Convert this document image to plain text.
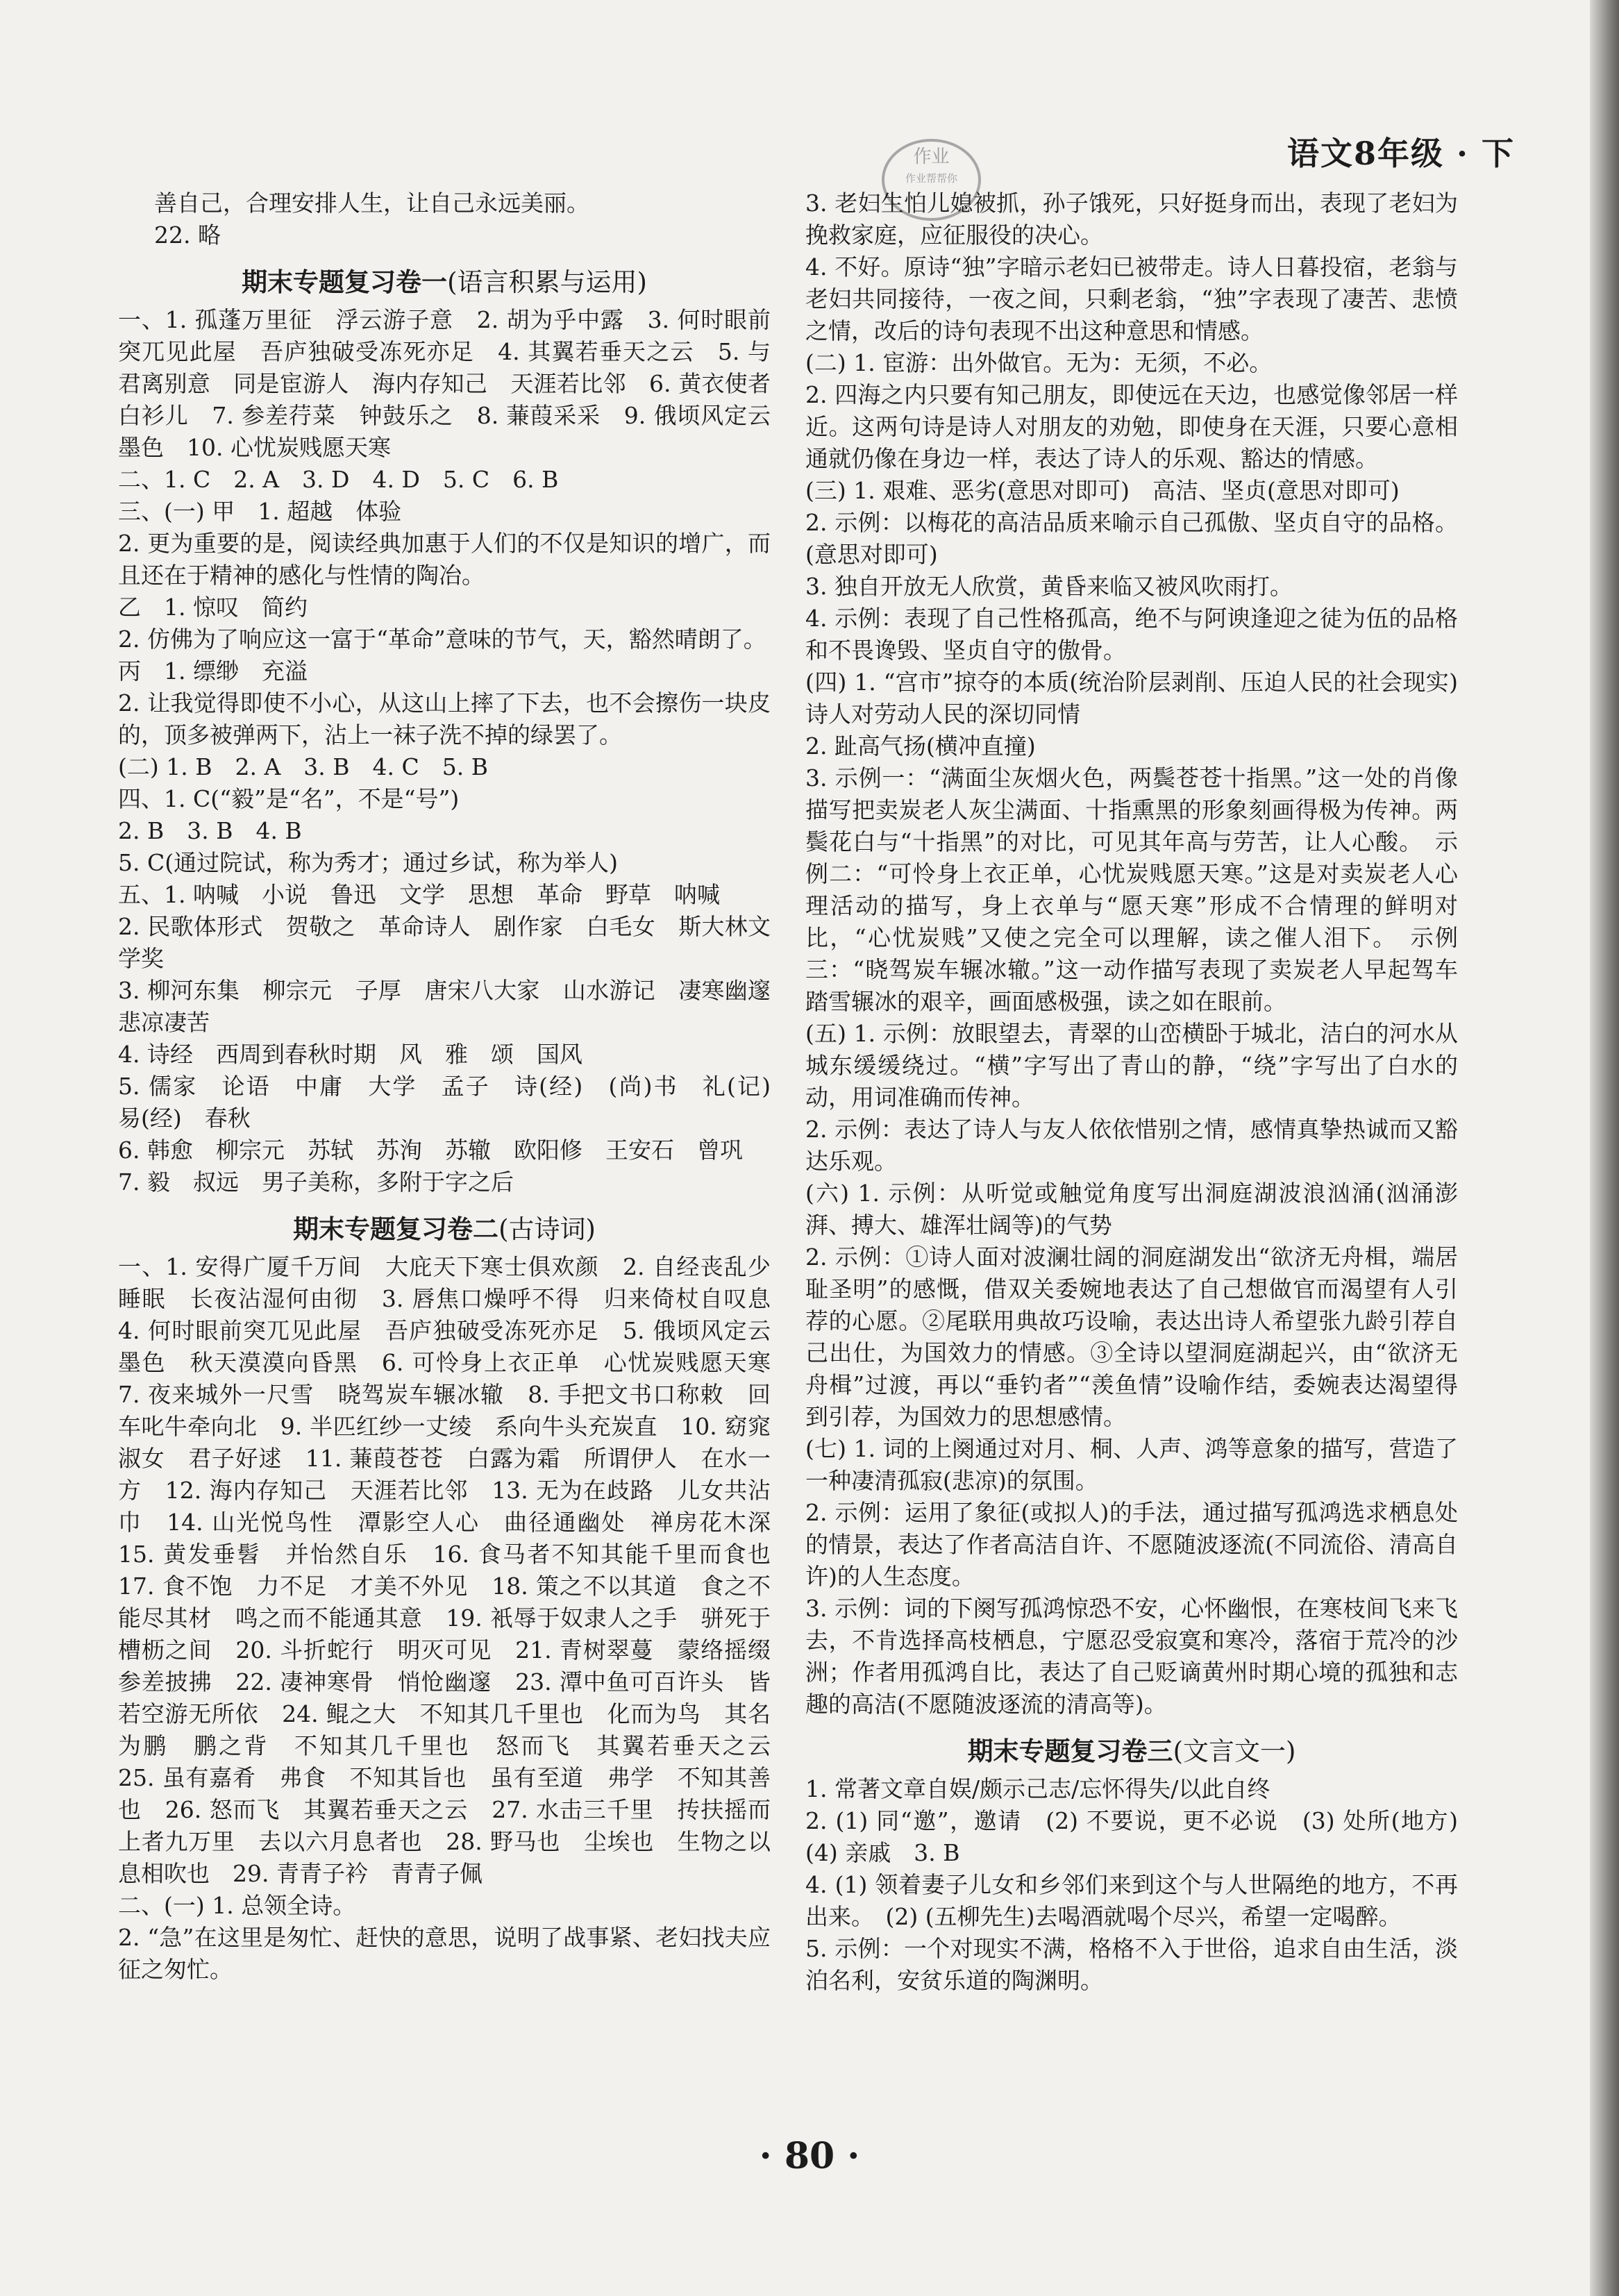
作业
作业帮帮你
语文8年级 · 下

善自己，合理安排人生，让自己永远美丽。

22. 略

期末专题复习卷一(语言积累与运用)

一、1. 孤蓬万里征　浮云游子意　2. 胡为乎中露　3. 何时眼前突兀见此屋　吾庐独破受冻死亦足　4. 其翼若垂天之云　5. 与君离别意　同是宦游人　海内存知己　天涯若比邻　6. 黄衣使者白衫儿　7. 参差荇菜　钟鼓乐之　8. 蒹葭采采　9. 俄顷风定云墨色　10. 心忧炭贱愿天寒

二、1. C　2. A　3. D　4. D　5. C　6. B

三、(一) 甲　1. 超越　体验

2. 更为重要的是，阅读经典加惠于人们的不仅是知识的增广，而且还在于精神的感化与性情的陶冶。

乙　1. 惊叹　简约

2. 仿佛为了响应这一富于“革命”意味的节气，天，豁然晴朗了。

丙　1. 缥缈　充溢

2. 让我觉得即使不小心，从这山上摔了下去，也不会擦伤一块皮的，顶多被弹两下，沾上一袜子洗不掉的绿罢了。

(二) 1. B　2. A　3. B　4. C　5. B

四、1. C(“毅”是“名”，不是“号”)

2. B　3. B　4. B

5. C(通过院试，称为秀才；通过乡试，称为举人)

五、1. 呐喊　小说　鲁迅　文学　思想　革命　野草　呐喊

2. 民歌体形式　贺敬之　革命诗人　剧作家　白毛女　斯大林文学奖

3. 柳河东集　柳宗元　子厚　唐宋八大家　山水游记　凄寒幽邃　悲凉凄苦

4. 诗经　西周到春秋时期　风　雅　颂　国风

5. 儒家　论语　中庸　大学　孟子　诗(经)　(尚)书　礼(记)　易(经)　春秋

6. 韩愈　柳宗元　苏轼　苏洵　苏辙　欧阳修　王安石　曾巩

7. 毅　叔远　男子美称，多附于字之后

期末专题复习卷二(古诗词)

一、1. 安得广厦千万间　大庇天下寒士俱欢颜　2. 自经丧乱少睡眠　长夜沾湿何由彻　3. 唇焦口燥呼不得　归来倚杖自叹息　4. 何时眼前突兀见此屋　吾庐独破受冻死亦足　5. 俄顷风定云墨色　秋天漠漠向昏黑　6. 可怜身上衣正单　心忧炭贱愿天寒　7. 夜来城外一尺雪　晓驾炭车辗冰辙　8. 手把文书口称敕　回车叱牛牵向北　9. 半匹红纱一丈绫　系向牛头充炭直　10. 窈窕淑女　君子好逑　11. 蒹葭苍苍　白露为霜　所谓伊人　在水一方　12. 海内存知己　天涯若比邻　13. 无为在歧路　儿女共沾巾　14. 山光悦鸟性　潭影空人心　曲径通幽处　禅房花木深　15. 黄发垂髫　并怡然自乐　16. 食马者不知其能千里而食也　17. 食不饱　力不足　才美不外见　18. 策之不以其道　食之不能尽其材　鸣之而不能通其意　19. 衹辱于奴隶人之手　骈死于槽枥之间　20. 斗折蛇行　明灭可见　21. 青树翠蔓　蒙络摇缀　参差披拂　22. 凄神寒骨　悄怆幽邃　23. 潭中鱼可百许头　皆若空游无所依　24. 鲲之大　不知其几千里也　化而为鸟　其名为鹏　鹏之背　不知其几千里也　怒而飞　其翼若垂天之云　25. 虽有嘉肴　弗食　不知其旨也　虽有至道　弗学　不知其善也　26. 怒而飞　其翼若垂天之云　27. 水击三千里　抟扶摇而上者九万里　去以六月息者也　28. 野马也　尘埃也　生物之以息相吹也　29. 青青子衿　青青子佩

二、(一) 1. 总领全诗。

2. “急”在这里是匆忙、赶快的意思，说明了战事紧、老妇找夫应征之匆忙。

3. 老妇生怕儿媳被抓，孙子饿死，只好挺身而出，表现了老妇为挽救家庭，应征服役的决心。

4. 不好。原诗“独”字暗示老妇已被带走。诗人日暮投宿，老翁与老妇共同接待，一夜之间，只剩老翁，“独”字表现了凄苦、悲愤之情，改后的诗句表现不出这种意思和情感。

(二) 1. 宦游：出外做官。无为：无须，不必。

2. 四海之内只要有知己朋友，即使远在天边，也感觉像邻居一样近。这两句诗是诗人对朋友的劝勉，即使身在天涯，只要心意相通就仍像在身边一样，表达了诗人的乐观、豁达的情感。

(三) 1. 艰难、恶劣(意思对即可)　高洁、坚贞(意思对即可)

2. 示例：以梅花的高洁品质来喻示自己孤傲、坚贞自守的品格。(意思对即可)

3. 独自开放无人欣赏，黄昏来临又被风吹雨打。

4. 示例：表现了自己性格孤高，绝不与阿谀逢迎之徒为伍的品格和不畏谗毁、坚贞自守的傲骨。

(四) 1. “宫市”掠夺的本质(统治阶层剥削、压迫人民的社会现实)　诗人对劳动人民的深切同情

2. 趾高气扬(横冲直撞)

3. 示例一：“满面尘灰烟火色，两鬓苍苍十指黑。”这一处的肖像描写把卖炭老人灰尘满面、十指熏黑的形象刻画得极为传神。两鬓花白与“十指黑”的对比，可见其年高与劳苦，让人心酸。　示例二：“可怜身上衣正单，心忧炭贱愿天寒。”这是对卖炭老人心理活动的描写，身上衣单与“愿天寒”形成不合情理的鲜明对比，“心忧炭贱”又使之完全可以理解，读之催人泪下。　示例三：“晓驾炭车辗冰辙。”这一动作描写表现了卖炭老人早起驾车踏雪辗冰的艰辛，画面感极强，读之如在眼前。

(五) 1. 示例：放眼望去，青翠的山峦横卧于城北，洁白的河水从城东缓缓绕过。“横”字写出了青山的静，“绕”字写出了白水的动，用词准确而传神。

2. 示例：表达了诗人与友人依依惜别之情，感情真挚热诚而又豁达乐观。

(六) 1. 示例：从听觉或触觉角度写出洞庭湖波浪汹涌(汹涌澎湃、搏大、雄浑壮阔等)的气势

2. 示例：①诗人面对波澜壮阔的洞庭湖发出“欲济无舟楫，端居耻圣明”的感慨，借双关委婉地表达了自己想做官而渴望有人引荐的心愿。②尾联用典故巧设喻，表达出诗人希望张九龄引荐自己出仕，为国效力的情感。③全诗以望洞庭湖起兴，由“欲济无舟楫”过渡，再以“垂钓者”“羡鱼情”设喻作结，委婉表达渴望得到引荐，为国效力的思想感情。

(七) 1. 词的上阕通过对月、桐、人声、鸿等意象的描写，营造了一种凄清孤寂(悲凉)的氛围。

2. 示例：运用了象征(或拟人)的手法，通过描写孤鸿选求栖息处的情景，表达了作者高洁自许、不愿随波逐流(不同流俗、清高自许)的人生态度。

3. 示例：词的下阕写孤鸿惊恐不安，心怀幽恨，在寒枝间飞来飞去，不肯选择高枝栖息，宁愿忍受寂寞和寒冷，落宿于荒冷的沙洲；作者用孤鸿自比，表达了自己贬谪黄州时期心境的孤独和志趣的高洁(不愿随波逐流的清高等)。

期末专题复习卷三(文言文一)

1. 常著文章自娱/颇示己志/忘怀得失/以此自终

2. (1) 同“邀”，邀请　(2) 不要说，更不必说　(3) 处所(地方)　(4) 亲戚　3. B

4. (1) 领着妻子儿女和乡邻们来到这个与人世隔绝的地方，不再出来。　(2) (五柳先生)去喝酒就喝个尽兴，希望一定喝醉。

5. 示例：一个对现实不满，格格不入于世俗，追求自由生活，淡泊名利，安贫乐道的陶渊明。

· 80 ·
